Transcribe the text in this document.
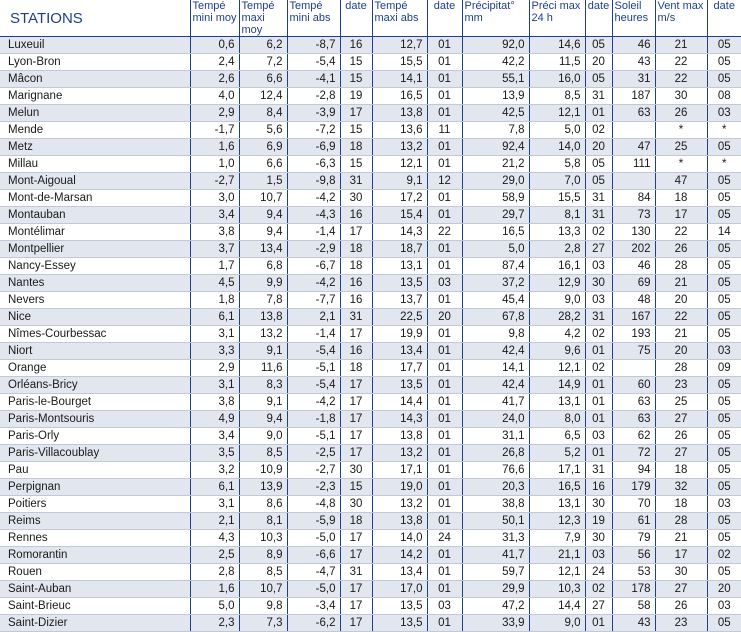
STATIONS	Tempé mini moy	Tempé maxi moy	Tempé mini abs	date	Tempé maxi abs	date	Précipitat° mm	Préci max 24 h	date	Soleil heures	Vent max m/s	date
Luxeuil	0,6	6,2	-8,7	16	12,7	01	92,0	14,6	05	46	21	05
Lyon-Bron	2,4	7,2	-5,4	15	15,5	01	42,2	11,5	20	43	22	05
Mâcon	2,6	6,6	-4,1	15	14,1	01	55,1	16,0	05	31	22	05
Marignane	4,0	12,4	-2,8	19	16,5	01	13,9	8,5	31	187	30	08
Melun	2,9	8,4	-3,9	17	13,8	01	42,5	12,1	01	63	26	03
Mende	-1,7	5,6	-7,2	15	13,6	11	7,8	5,0	02		*	*
Metz	1,6	6,9	-6,9	18	13,2	01	92,4	14,0	20	47	25	05
Millau	1,0	6,6	-6,3	15	12,1	01	21,2	5,8	05	111	*	*
Mont-Aigoual	-2,7	1,5	-9,8	31	9,1	12	29,0	7,0	05		47	05
Mont-de-Marsan	3,0	10,7	-4,2	30	17,2	01	58,9	15,5	31	84	18	05
Montauban	3,4	9,4	-4,3	16	15,4	01	29,7	8,1	31	73	17	05
Montélimar	3,8	9,4	-1,4	17	14,3	22	16,5	13,3	02	130	22	14
Montpellier	3,7	13,4	-2,9	18	18,7	01	5,0	2,8	27	202	26	05
Nancy-Essey	1,7	6,8	-6,7	18	13,1	01	87,4	16,1	03	46	28	05
Nantes	4,5	9,9	-4,2	16	13,5	03	37,2	12,9	30	69	21	05
Nevers	1,8	7,8	-7,7	16	13,7	01	45,4	9,0	03	48	20	05
Nice	6,1	13,8	2,1	31	22,5	20	67,8	28,2	31	167	22	05
Nîmes-Courbessac	3,1	13,2	-1,4	17	19,9	01	9,8	4,2	02	193	21	05
Niort	3,3	9,1	-5,4	16	13,4	01	42,4	9,6	01	75	20	03
Orange	2,9	11,6	-5,1	18	17,7	01	14,1	12,1	02		28	09
Orléans-Bricy	3,1	8,3	-5,4	17	13,5	01	42,4	14,9	01	60	23	05
Paris-le-Bourget	3,8	9,1	-4,2	17	14,4	01	41,7	13,1	01	63	25	05
Paris-Montsouris	4,9	9,4	-1,8	17	14,3	01	24,0	8,0	01	63	27	05
Paris-Orly	3,4	9,0	-5,1	17	13,8	01	31,1	6,5	03	62	26	05
Paris-Villacoublay	3,5	8,5	-2,5	17	13,2	01	26,8	5,2	01	72	27	05
Pau	3,2	10,9	-2,7	30	17,1	01	76,6	17,1	31	94	18	05
Perpignan	6,1	13,9	-2,3	15	19,0	01	20,3	16,5	16	179	32	05
Poitiers	3,1	8,6	-4,8	30	13,2	01	38,8	13,1	30	70	18	03
Reims	2,1	8,1	-5,9	18	13,8	01	50,1	12,3	19	61	28	05
Rennes	4,3	10,3	-5,0	17	14,0	24	31,3	7,9	30	79	21	05
Romorantin	2,5	8,9	-6,6	17	14,2	01	41,7	21,1	03	56	17	02
Rouen	2,8	8,5	-4,7	31	13,4	01	59,7	12,1	24	53	30	05
Saint-Auban	1,6	10,7	-5,0	17	17,0	01	29,9	10,3	02	178	27	20
Saint-Brieuc	5,0	9,8	-3,4	17	13,5	03	47,2	14,4	27	58	26	03
Saint-Dizier	2,3	7,3	-6,2	17	13,5	01	33,9	9,0	01	43	23	05
